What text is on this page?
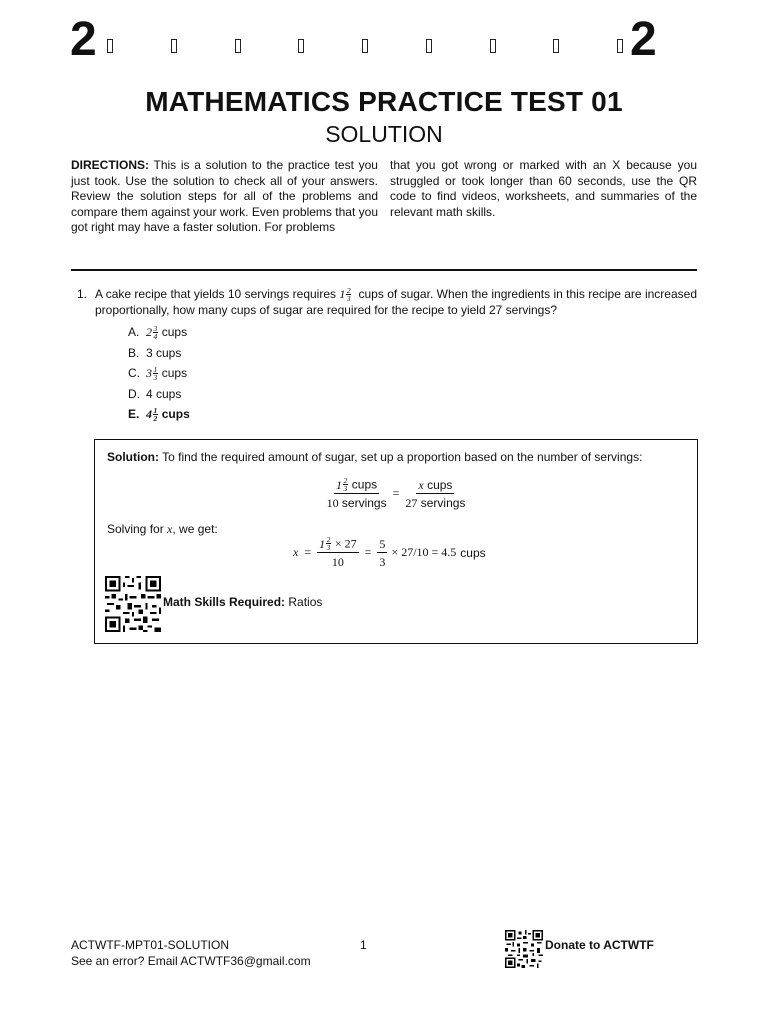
2	2
MATHEMATICS PRACTICE TEST 01
SOLUTION
DIRECTIONS: This is a solution to the practice test you just took. Use the solution to check all of your answers. Review the solution steps for all of the problems and compare them against your work. Even problems that you got right may have a faster solution. For problems
that you got wrong or marked with an X because you struggled or took longer than 60 seconds, use the QR code to find videos, worksheets, and summaries of the relevant math skills.
1. A cake recipe that yields 10 servings requires $1 \frac{2}{3}$ cups of sugar. When the ingredients in this recipe are increased proportionally, how many cups of sugar are required for the recipe to yield 27 servings?
A. $2 \frac{3}{4}$ cups
B. 3 cups
C. $3 \frac{1}{3}$ cups
D. 4 cups
E. $4 \frac{1}{2}$ cups
Solution: To find the required amount of sugar, set up a proportion based on the number of servings:
$1 \frac{2}{3}$ cups
10 servings
= $\frac{\text{x cups}}{\text{27 servings}}$
Solving for x, we get:
x =
$1 \frac{2}{3} \times 27$
10
= $\frac{5}{3} \times 27/10 = 4.5$ cups
Math Skills Required: Ratios
ACTWTF-MPT01-SOLUTION
See an error? Email ACTWTF36@gmail.com
1	Donate to ACTWTF
